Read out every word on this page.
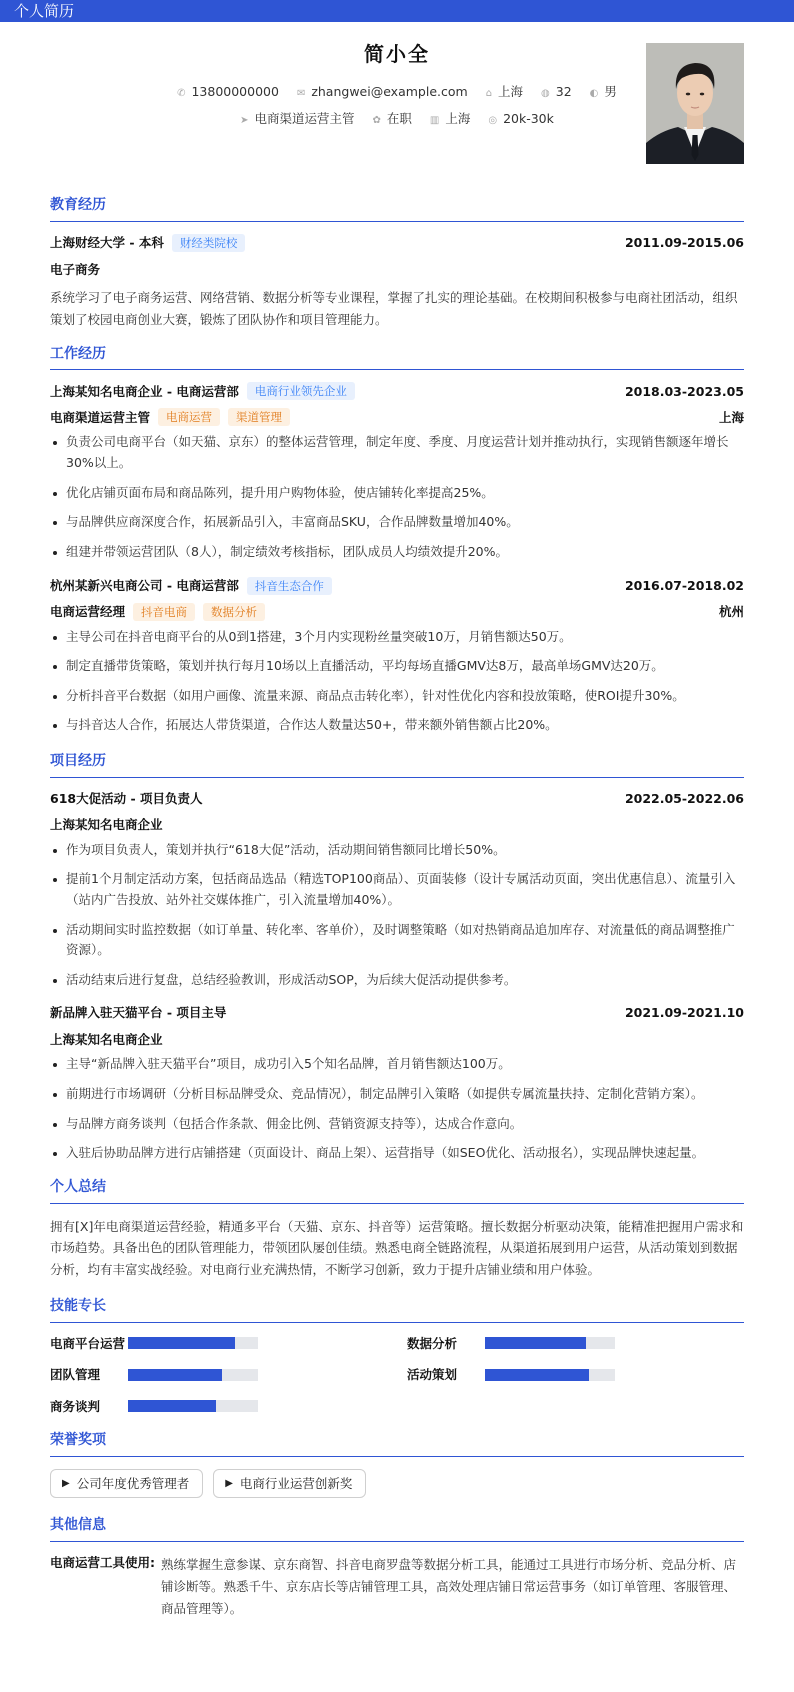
个人简历
简小全
✆ 13800000000 ✉ zhangwei@example.com ⌂ 上海 ◍ 32 ◐ 男
➤ 电商渠道运营主管 ✿ 在职 ▥ 上海 ◎ 20k-30k
教育经历
上海财经大学 - 本科	财经类院校	2011.09-2015.06
电子商务
系统学习了电子商务运营、网络营销、数据分析等专业课程，掌握了扎实的理论基础。在校期间积极参与电商社团活动，组织策划了校园电商创业大赛，锻炼了团队协作和项目管理能力。
工作经历
上海某知名电商企业 - 电商运营部	电商行业领先企业	2018.03-2023.05
电商渠道运营主管	电商运营	渠道管理	上海
负责公司电商平台（如天猫、京东）的整体运营管理，制定年度、季度、月度运营计划并推动执行，实现销售额逐年增长30%以上。
优化店铺页面布局和商品陈列，提升用户购物体验，使店铺转化率提高25%。
与品牌供应商深度合作，拓展新品引入，丰富商品SKU，合作品牌数量增加40%。
组建并带领运营团队（8人），制定绩效考核指标，团队成员人均绩效提升20%。
杭州某新兴电商公司 - 电商运营部	抖音生态合作	2016.07-2018.02
电商运营经理	抖音电商	数据分析	杭州
主导公司在抖音电商平台的从0到1搭建，3个月内实现粉丝量突破10万，月销售额达50万。
制定直播带货策略，策划并执行每月10场以上直播活动，平均每场直播GMV达8万，最高单场GMV达20万。
分析抖音平台数据（如用户画像、流量来源、商品点击转化率），针对性优化内容和投放策略，使ROI提升30%。
与抖音达人合作，拓展达人带货渠道，合作达人数量达50+，带来额外销售额占比20%。
项目经历
618大促活动 - 项目负责人	2022.05-2022.06
上海某知名电商企业
作为项目负责人，策划并执行“618大促”活动，活动期间销售额同比增长50%。
提前1个月制定活动方案，包括商品选品（精选TOP100商品）、页面装修（设计专属活动页面，突出优惠信息）、流量引入（站内广告投放、站外社交媒体推广，引入流量增加40%）。
活动期间实时监控数据（如订单量、转化率、客单价），及时调整策略（如对热销商品追加库存、对流量低的商品调整推广资源）。
活动结束后进行复盘，总结经验教训，形成活动SOP，为后续大促活动提供参考。
新品牌入驻天猫平台 - 项目主导	2021.09-2021.10
上海某知名电商企业
主导“新品牌入驻天猫平台”项目，成功引入5个知名品牌，首月销售额达100万。
前期进行市场调研（分析目标品牌受众、竞品情况），制定品牌引入策略（如提供专属流量扶持、定制化营销方案）。
与品牌方商务谈判（包括合作条款、佣金比例、营销资源支持等），达成合作意向。
入驻后协助品牌方进行店铺搭建（页面设计、商品上架）、运营指导（如SEO优化、活动报名），实现品牌快速起量。
个人总结
拥有[X]年电商渠道运营经验，精通多平台（天猫、京东、抖音等）运营策略。擅长数据分析驱动决策，能精准把握用户需求和市场趋势。具备出色的团队管理能力，带领团队屡创佳绩。熟悉电商全链路流程，从渠道拓展到用户运营，从活动策划到数据分析，均有丰富实战经验。对电商行业充满热情，不断学习创新，致力于提升店铺业绩和用户体验。
技能专长
电商平台运营	数据分析
团队管理	活动策划
商务谈判
荣誉奖项
▶ 公司年度优秀管理者	▶ 电商行业运营创新奖
其他信息
电商运营工具使用: 熟练掌握生意参谋、京东商智、抖音电商罗盘等数据分析工具，能通过工具进行市场分析、竞品分析、店铺诊断等。熟悉千牛、京东店长等店铺管理工具，高效处理店铺日常运营事务（如订单管理、客服管理、商品管理等）。
